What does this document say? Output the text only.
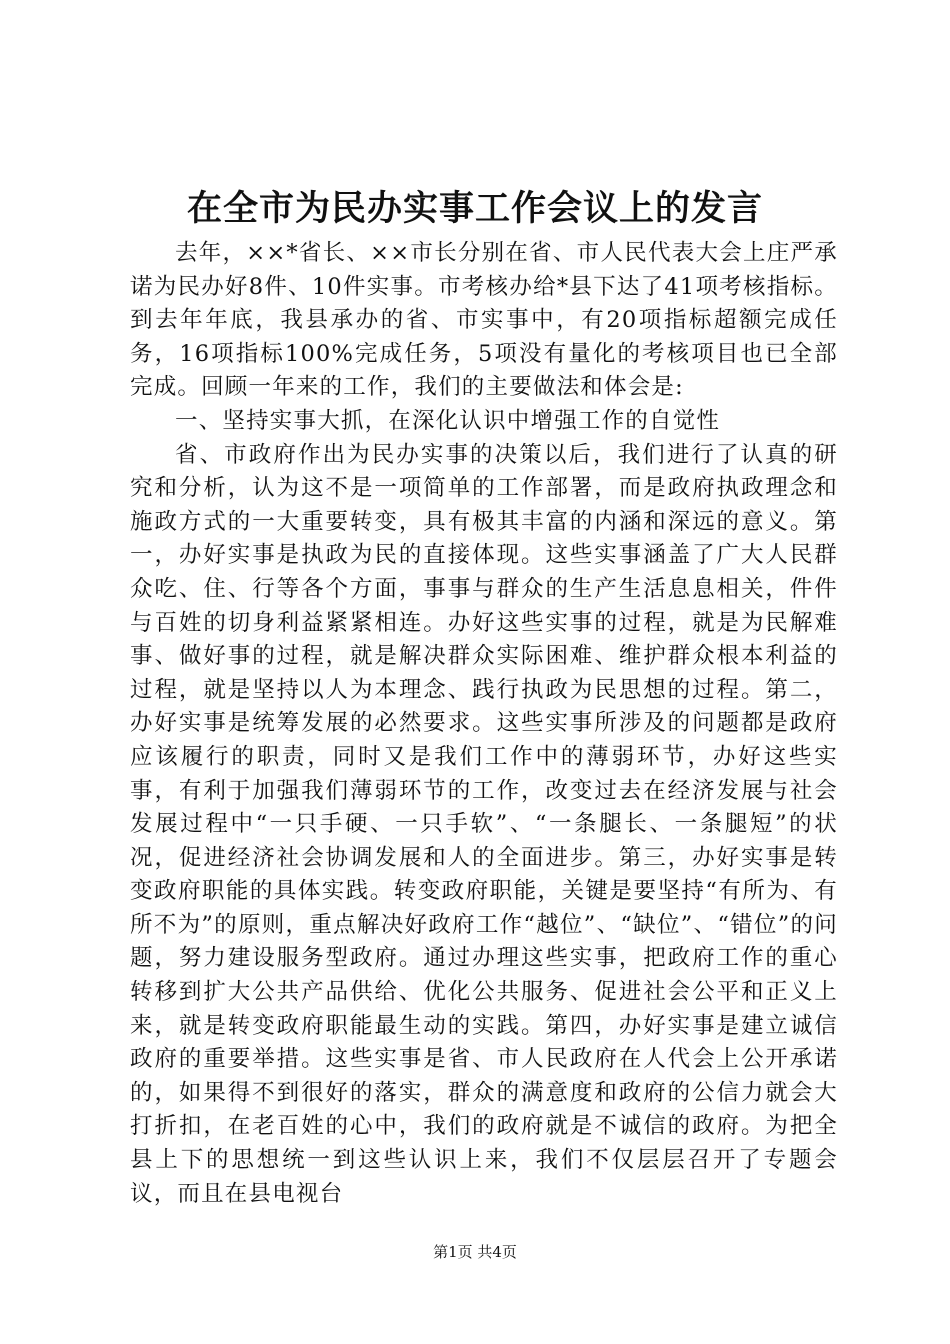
在全市为民办实事工作会议上的发言

去年，××*省长、××市长分别在省、市人民代表大会上庄严承诺为民办好8件、10件实事。市考核办给*县下达了41项考核指标。到去年年底，我县承办的省、市实事中，有20项指标超额完成任务，16项指标100%完成任务，5项没有量化的考核项目也已全部完成。回顾一年来的工作，我们的主要做法和体会是:

一、坚持实事大抓，在深化认识中增强工作的自觉性

省、市政府作出为民办实事的决策以后，我们进行了认真的研究和分析，认为这不是一项简单的工作部署，而是政府执政理念和施政方式的一大重要转变，具有极其丰富的内涵和深远的意义。第一，办好实事是执政为民的直接体现。这些实事涵盖了广大人民群众吃、住、行等各个方面，事事与群众的生产生活息息相关，件件与百姓的切身利益紧紧相连。办好这些实事的过程，就是为民解难事、做好事的过程，就是解决群众实际困难、维护群众根本利益的过程，就是坚持以人为本理念、践行执政为民思想的过程。第二，办好实事是统筹发展的必然要求。这些实事所涉及的问题都是政府应该履行的职责，同时又是我们工作中的薄弱环节，办好这些实事，有利于加强我们薄弱环节的工作，改变过去在经济发展与社会发展过程中“一只手硬、一只手软”、“一条腿长、一条腿短”的状况，促进经济社会协调发展和人的全面进步。第三，办好实事是转变政府职能的具体实践。转变政府职能，关键是要坚持“有所为、有所不为”的原则，重点解决好政府工作“越位”、“缺位”、“错位”的问题，努力建设服务型政府。通过办理这些实事，把政府工作的重心转移到扩大公共产品供给、优化公共服务、促进社会公平和正义上来，就是转变政府职能最生动的实践。第四，办好实事是建立诚信政府的重要举措。这些实事是省、市人民政府在人代会上公开承诺的，如果得不到很好的落实，群众的满意度和政府的公信力就会大打折扣，在老百姓的心中，我们的政府就是不诚信的政府。为把全县上下的思想统一到这些认识上来，我们不仅层层召开了专题会议，而且在县电视台

第1页 共4页
